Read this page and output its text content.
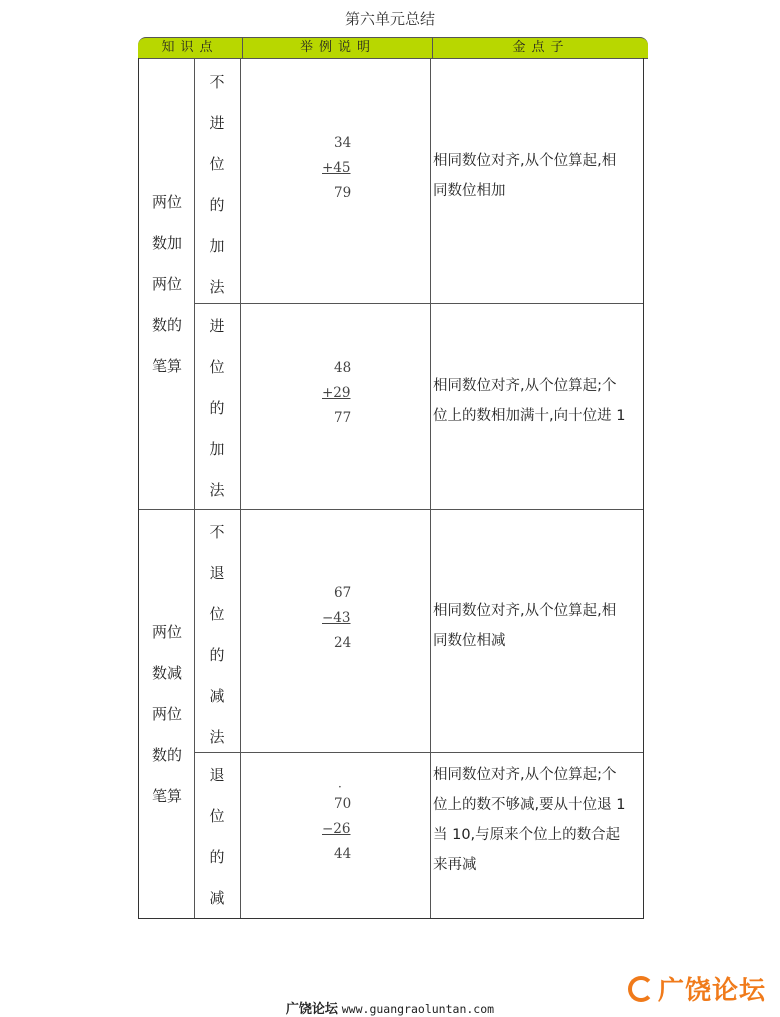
第六单元总结
知识点	举例说明	金点子
两位
数加
两位
数的
笔算
不
进
位
的
加
法
34
+45
79
相同数位对齐,从个位算起,相
同数位相加
进
位
的
加
法
48
+29
77
相同数位对齐,从个位算起;个
位上的数相加满十,向十位进 1
两位
数减
两位
数的
笔算
不
退
位
的
减
法
67
−43
24
相同数位对齐,从个位算起,相
同数位相减
退
位
的
减
·
70
−26
44
相同数位对齐,从个位算起;个
位上的数不够减,要从十位退 1
当 10,与原来个位上的数合起
来再减
广饶论坛 www.guangraoluntan.com
广饶论坛
